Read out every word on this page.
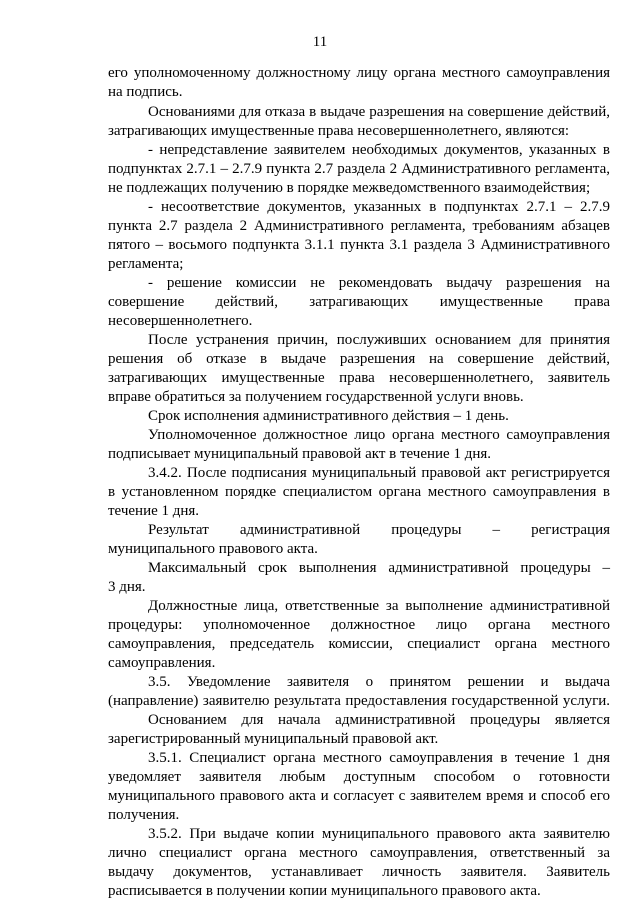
11
его уполномоченному должностному лицу органа местного самоуправления
на подпись.
Основаниями для отказа в выдаче разрешения на совершение действий,
затрагивающих имущественные права несовершеннолетнего, являются:
- непредставление заявителем необходимых документов, указанных в
подпунктах 2.7.1 – 2.7.9 пункта 2.7 раздела 2 Административного регламента,
не подлежащих получению в порядке межведомственного взаимодействия;
- несоответствие документов, указанных в подпунктах 2.7.1 – 2.7.9
пункта 2.7 раздела 2 Административного регламента, требованиям абзацев
пятого – восьмого подпункта 3.1.1 пункта 3.1 раздела 3 Административного
регламента;
- решение комиссии не рекомендовать выдачу разрешения на
совершение действий, затрагивающих имущественные права
несовершеннолетнего.
После устранения причин, послуживших основанием для принятия
решения об отказе в выдаче разрешения на совершение действий,
затрагивающих имущественные права несовершеннолетнего, заявитель
вправе обратиться за получением государственной услуги вновь.
Срок исполнения административного действия – 1 день.
Уполномоченное должностное лицо органа местного самоуправления
подписывает муниципальный правовой акт в течение 1 дня.
3.4.2. После подписания муниципальный правовой акт регистрируется
в установленном порядке специалистом органа местного самоуправления в
течение 1 дня.
Результат административной процедуры – регистрация
муниципального правового акта.
Максимальный срок выполнения административной процедуры –
3 дня.
Должностные лица, ответственные за выполнение административной
процедуры: уполномоченное должностное лицо органа местного
самоуправления, председатель комиссии, специалист органа местного
самоуправления.
3.5. Уведомление заявителя о принятом решении и выдача
(направление) заявителю результата предоставления государственной услуги.
Основанием для начала административной процедуры является
зарегистрированный муниципальный правовой акт.
3.5.1. Специалист органа местного самоуправления в течение 1 дня
уведомляет заявителя любым доступным способом о готовности
муниципального правового акта и согласует с заявителем время и способ его
получения.
3.5.2. При выдаче копии муниципального правового акта заявителю
лично специалист органа местного самоуправления, ответственный за
выдачу документов, устанавливает личность заявителя. Заявитель
расписывается в получении копии муниципального правового акта.
